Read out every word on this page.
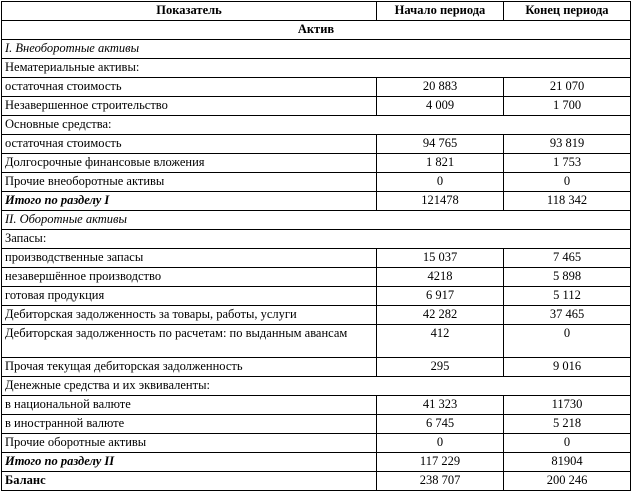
Показатель	Начало периода	Конец периода
Актив		
I. Внеоборотные активы		
Нематериальные активы:		
остаточная стоимость	20 883	21 070
Незавершенное строительство	4 009	1 700
Основные средства:		
остаточная стоимость	94 765	93 819
Долгосрочные финансовые вложения	1 821	1 753
Прочие внеоборотные активы	0	0
Итого по разделу I	121478	118 342
II. Оборотные активы		
Запасы:		
производственные запасы	15 037	7 465
незавершённое производство	4218	5 898
готовая продукция	6 917	5 112
Дебиторская задолженность за товары, работы, услуги	42 282	37 465
Дебиторская задолженность по расчетам: по выданным авансам	412	0
Прочая текущая дебиторская задолженность	295	9 016
Денежные средства и их эквиваленты:		
в национальной валюте	41 323	11730
в иностранной валюте	6 745	5 218
Прочие оборотные активы	0	0
Итого по разделу II	117 229	81904
Баланс	238 707	200 246
